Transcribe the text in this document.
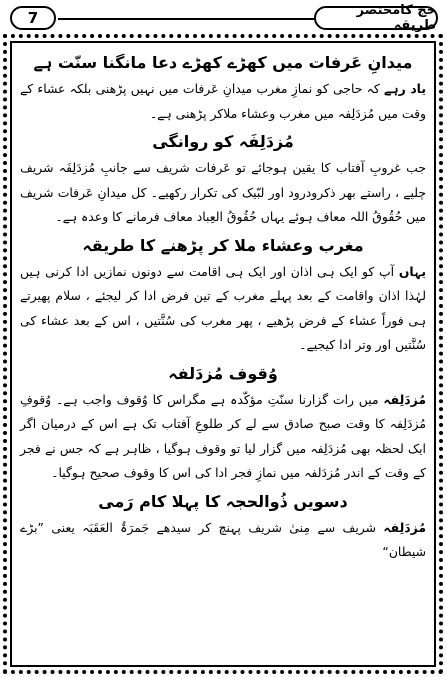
7	حج کامختصر طریقہ
میدانِ عَرفات میں کھڑے کھڑے دعا مانگنا سنّت ہے

یاد رہے کہ حاجی کو نمازِ مغرب میدانِ عَرفات میں نہیں پڑھنی بلکہ عشاء کے وقت میں مُزدَلِفہ میں مغرب وعشاء ملاکر پڑھنی ہے۔

مُزدَلِفَہ کو روانگی

جب غروبِ آفتاب کا یقین ہوجائے تو عَرفات شریف سے جانبِ مُزدَلِفَہ شریف چلیے ، راستے بھر ذکرودرود اور لبّیک کی تکرار رکھیے۔ کل میدانِ عَرفات شریف میں حُقُوقُ اللہ معاف ہوئے یہاں حُقُوقُ العِباد معاف فرمانے کا وعدہ ہے۔

مغرب وعشاء ملا کر پڑھنے کا طریقہ

یہاں آپ کو ایک ہی اذان اور ایک ہی اقامت سے دونوں نمازیں ادا کرنی ہیں لہٰذا اذان واقامت کے بعد پہلے مغرب کے تین فرض ادا کر لیجئے ، سلام پھیرتے ہی فوراً عشاء کے فرض پڑھیے ، پھر مغرب کی سُنَّتیں ، اس کے بعد عشاء کی سُنَّتیں اور وتر ادا کیجیے۔

وُقوف مُزدَلفہ

مُزدَلِفہ میں رات گزارنا سنّتِ مؤکّدہ ہے مگراس کا وُقوف واجب ہے۔ وُقوفِ مُزدَلِفہ کا وقت صبح صادق سے لے کر طلوعِ آفتاب تک ہے اس کے درمیان اگر ایک لحظہ بھی مُزدَلِفہ میں گزار لیا تو وقوف ہوگیا ، ظاہر ہے کہ جس نے فجر کے وقت کے اندر مُزدَلفہ میں نمازِ فجر ادا کی اس کا وقوف صحیح ہوگیا۔

دسویں ذُوالحجہ کا پہلا کام رَمی

مُزدَلِفہ شریف سے مِنیٰ شریف پہنچ کر سیدھے جَمرَۃُ العَقَبَہ یعنی ”بڑے شیطان“
